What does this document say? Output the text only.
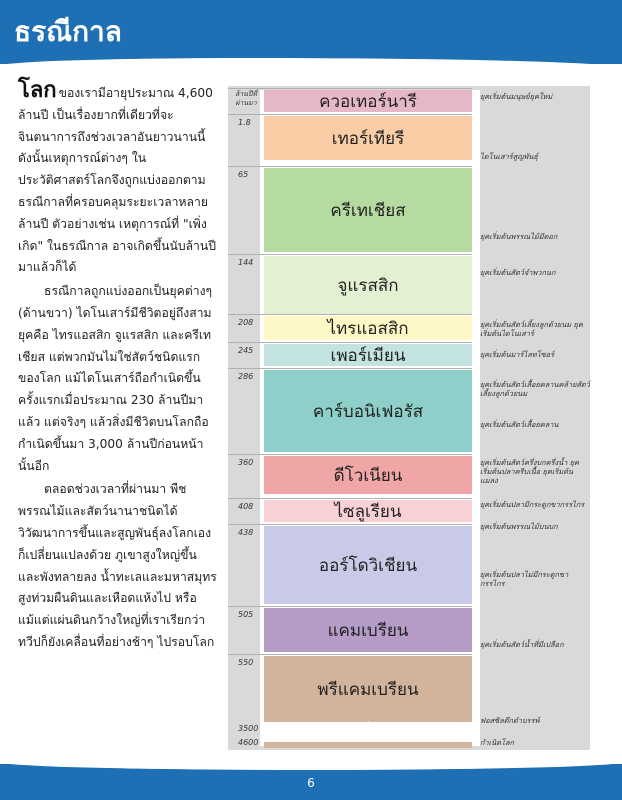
ธรณีกาล

โลก ของเรามีอายุประมาณ 4,600 ล้านปี เป็นเรื่องยากที่เดียวที่จะจินตนาการถึงช่วงเวลาอันยาวนานนี้ ดังนั้นเหตุการณ์ต่างๆ ในประวัติศาสตร์โลกจึงถูกแบ่งออกตามธรณีกาลที่ครอบคลุมระยะเวลาหลายล้านปี ตัวอย่างเช่น เหตุการณ์ที่ "เพิ่งเกิด" ในธรณีกาล อาจเกิดขึ้นนับล้านปีมาแล้วก็ได้

ธรณีกาลถูกแบ่งออกเป็นยุคต่างๆ (ด้านขวา) ไดโนเสาร์มีชีวิตอยู่ถึงสามยุคคือ ไทรแอสสิก จูแรสสิก และครีเทเชียส แต่พวกมันไม่ใช่สัตว์ชนิดแรกของโลก แม้ไดโนเสาร์ถือกำเนิดขึ้นครั้งแรกเมื่อประมาณ 230 ล้านปีมาแล้ว แต่จริงๆ แล้วสิ่งมีชีวิตบนโลกถือกำเนิดขึ้นมา 3,000 ล้านปีก่อนหน้านั้นอีก

ตลอดช่วงเวลาที่ผ่านมา พืชพรรณไม้และสัตว์นานาชนิดได้วิวัฒนาการขึ้นและสูญพันธุ์ลงโลกเองก็เปลี่ยนแปลงด้วย ภูเขาสูงใหญ่ขึ้นและพังทลายลง น้ำทะเลและมหาสมุทรสูงท่วมผืนดินและเหือดแห้งไป หรือแม้แต่แผ่นดินกว้างใหญ่ที่เราเรียกว่าทวีปก็ยังเคลื่อนที่อย่างช้าๆ ไปรอบโลก

ล้านปีที่ผ่านมา	ควอเทอร์นารี
เทอร์เทียรี
1.8
ครีเทเชียส
65
จูแรสสิก
144
ไทรแอสสิก
208
เพอร์เมียน
245
คาร์บอนิเฟอรัส
286
ดีโวเนียน
360
ไซลูเรียน
408
ออร์โดวิเชียน
438
แคมเบรียน
505
พรีแคมเบรียน
550
3500
4600
ยุคเริ่มต้นมนุษย์ยุคใหม่
ไดโนเสาร์สูญพันธุ์
ยุคเริ่มต้นพรรณไม้มีดอก
ยุคเริ่มต้นสัตว์จำพวกนก
ยุคเริ่มต้นสัตว์เลี้ยงลูกด้วยนม ยุคเริ่มต้นไดโนเสาร์
ยุคเริ่มต้นมาร์ไลทโซอร์
ยุคเริ่มต้นสัตว์เลื้อยคลานคล้ายสัตว์เลี้ยงลูกด้วยนม
ยุคเริ่มต้นสัตว์เลื้อยคลาน
ยุคเริ่มต้นสัตว์ครึ่งบกครึ่งน้ำ ยุคเริ่มต้นปลาครีบเนื้อ ยุคเริ่มต้นแมลง
ยุคเริ่มต้นปลามีกระดูกขากรรไกร
ยุคเริ่มต้นพรรณไม้บนบก
ยุคเริ่มต้นปลาไม่มีกระดูกขากรรไกร
ยุคเริ่มต้นสัตว์น้ำที่มีเปลือก
ฟอสซิลดึกดำบรรพ์
กำเนิดโลก
6
